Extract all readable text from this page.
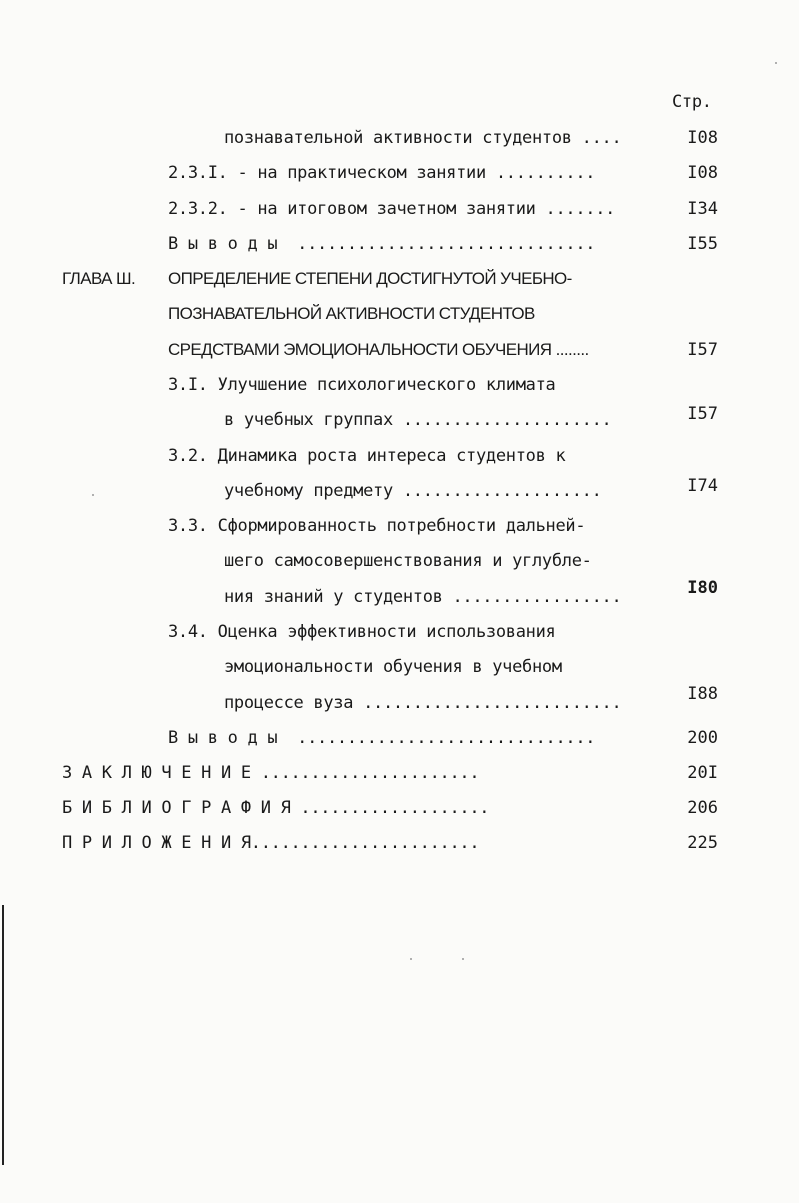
Стр.
познавательной активности студентов ....	I08
2.3.I. - на практическом занятии ..........	I08
2.3.2. - на итоговом зачетном занятии .......	I34
В ы в о д ы  ..............................	I55
ГЛАВА Ш. ОПРЕДЕЛЕНИЕ СТЕПЕНИ ДОСТИГНУТОЙ УЧЕБНО-
ПОЗНАВАТЕЛЬНОЙ АКТИВНОСТИ СТУДЕНТОВ
СРЕДСТВАМИ ЭМОЦИОНАЛЬНОСТИ ОБУЧЕНИЯ ........	I57
3.I. Улучшение психологического климата
в учебных группах .....................	I57
3.2. Динамика роста интереса студентов к
учебному предмету ....................	I74
3.3. Сформированность потребности дальней-
шего самосовершенствования и углубле-
ния знаний у студентов .................	I80
3.4. Оценка эффективности использования
эмоциональности обучения в учебном
процессе вуза ..........................	I88
В ы в о д ы  ..............................	200
З А К Л Ю Ч Е Н И Е ......................	20I
Б И Б Л И О Г Р А Ф И Я ...................	206
П Р И Л О Ж Е Н И Я.......................	225
